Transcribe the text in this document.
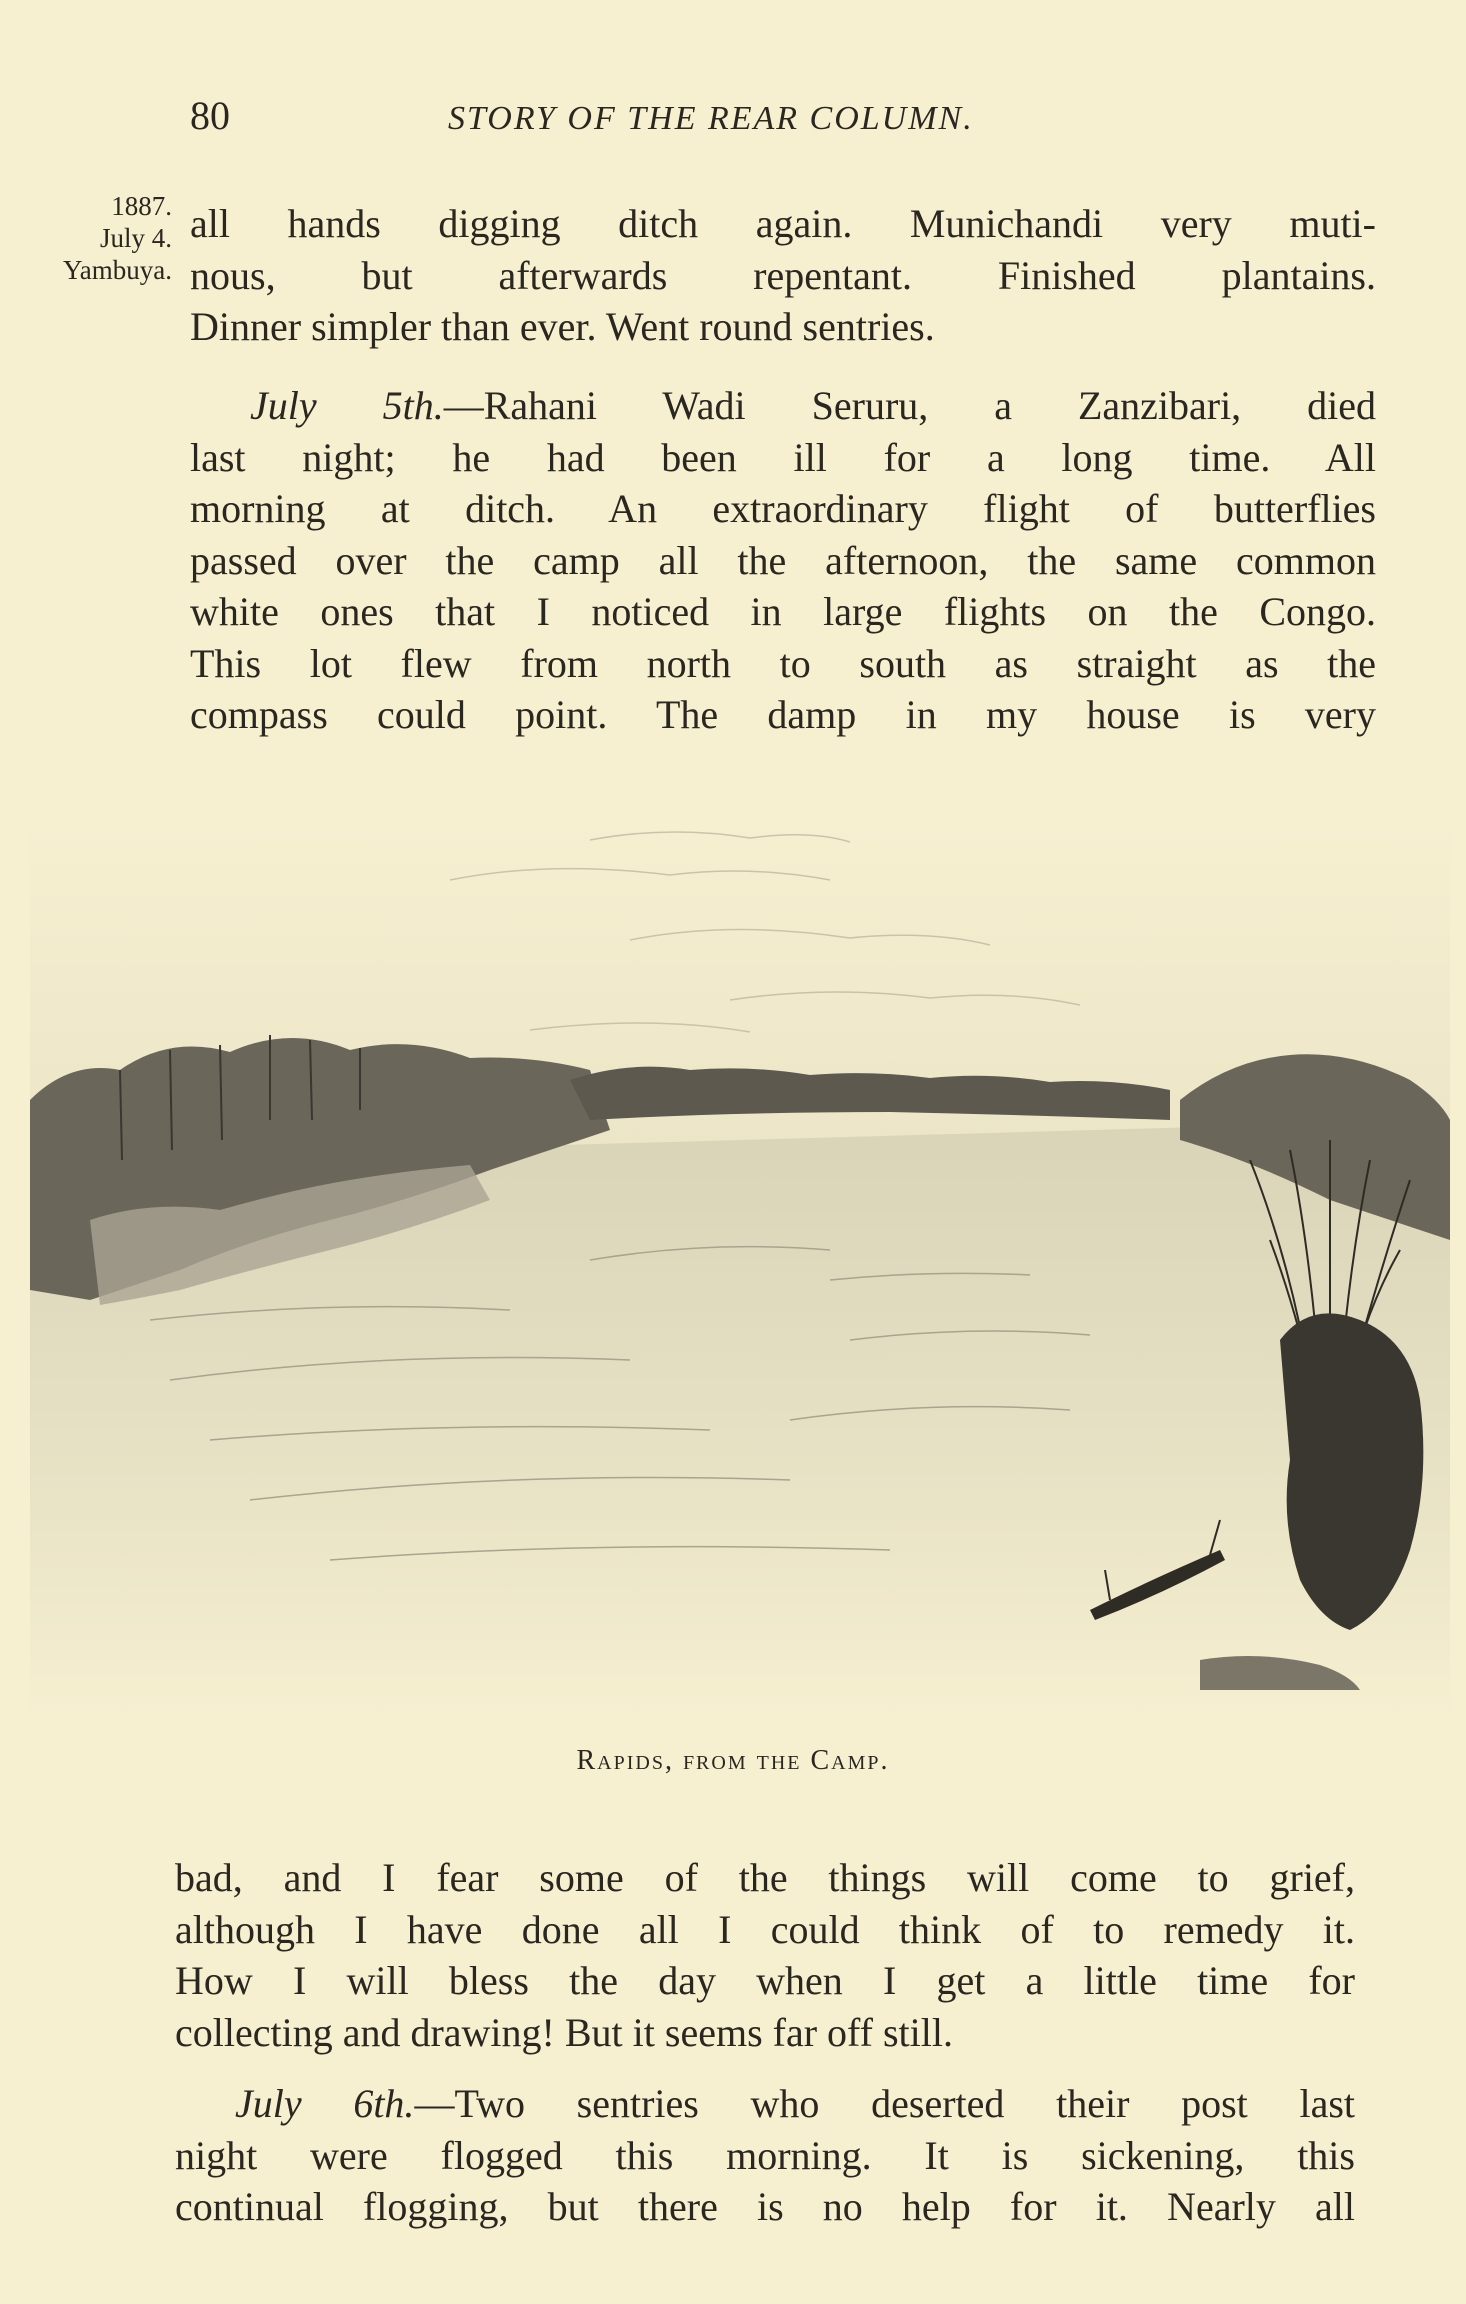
80	STORY OF THE REAR COLUMN.
1887.
July 4.
Yambuya.
all hands digging ditch again. Munichandi very muti-
nous, but afterwards repentant. Finished plantains.
Dinner simpler than ever. Went round sentries.
July 5th.—Rahani Wadi Seruru, a Zanzibari, died
last night; he had been ill for a long time. All
morning at ditch. An extraordinary flight of butterflies
passed over the camp all the afternoon, the same common
white ones that I noticed in large flights on the Congo.
This lot flew from north to south as straight as the
compass could point. The damp in my house is very
Rapids, from the Camp.
bad, and I fear some of the things will come to grief,
although I have done all I could think of to remedy it.
How I will bless the day when I get a little time for
collecting and drawing! But it seems far off still.
July 6th.—Two sentries who deserted their post last
night were flogged this morning. It is sickening, this
continual flogging, but there is no help for it. Nearly all
